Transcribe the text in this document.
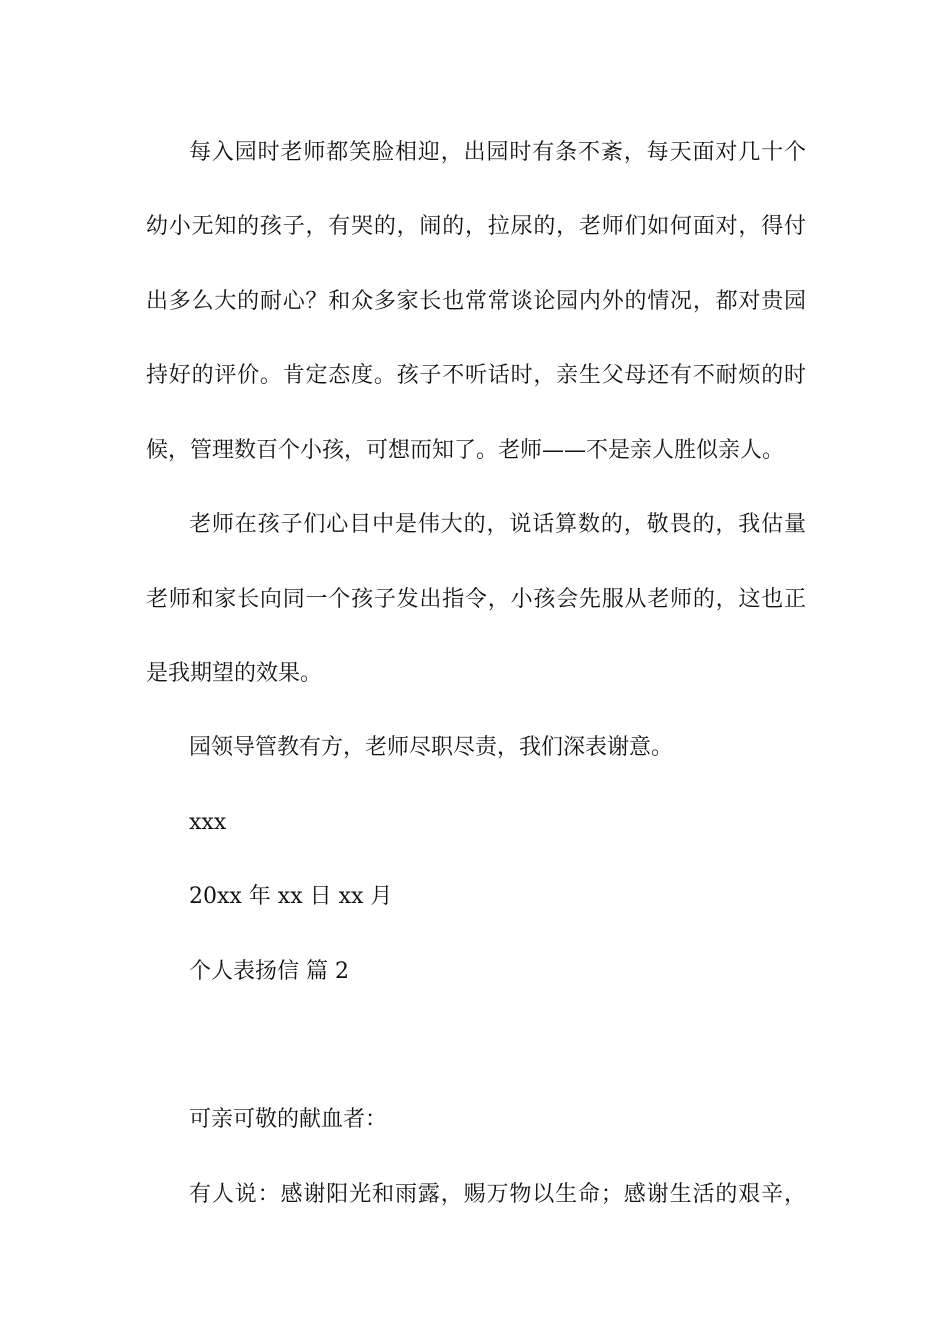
每入园时老师都笑脸相迎，出园时有条不紊，每天面对几十个
幼小无知的孩子，有哭的，闹的，拉尿的，老师们如何面对，得付
出多么大的耐心？和众多家长也常常谈论园内外的情况，都对贵园
持好的评价。肯定态度。孩子不听话时，亲生父母还有不耐烦的时
候，管理数百个小孩，可想而知了。老师——不是亲人胜似亲人。
老师在孩子们心目中是伟大的，说话算数的，敬畏的，我估量
老师和家长向同一个孩子发出指令，小孩会先服从老师的，这也正
是我期望的效果。
园领导管教有方，老师尽职尽责，我们深表谢意。
xxx
20xx 年 xx 日 xx 月
个人表扬信 篇 2
可亲可敬的献血者：
有人说：感谢阳光和雨露，赐万物以生命；感谢生活的艰辛，
